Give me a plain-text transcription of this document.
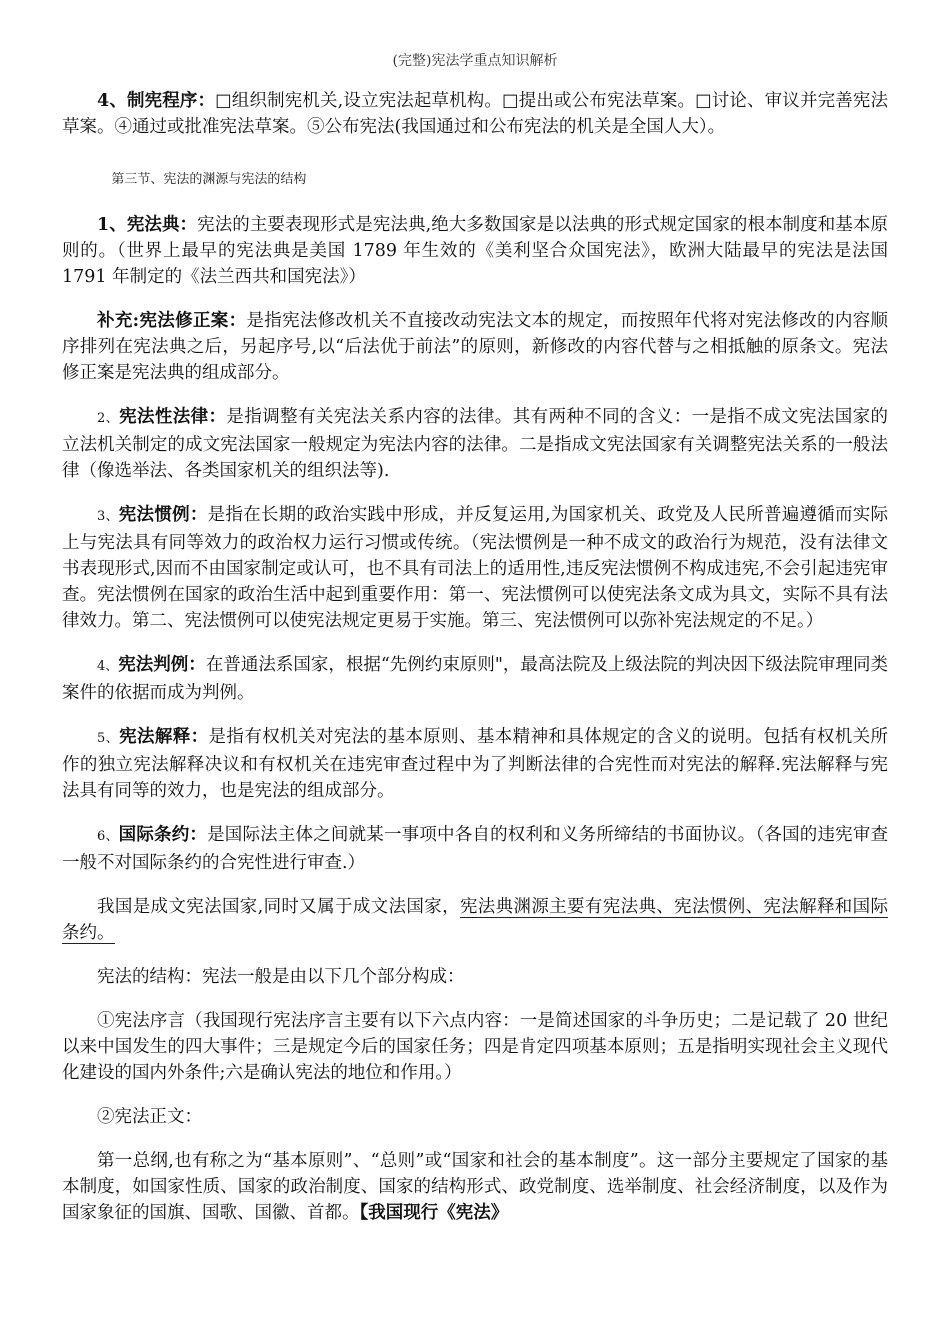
(完整)宪法学重点知识解析

4、制宪程序：□组织制宪机关,设立宪法起草机构。□提出或公布宪法草案。□讨论、审议并完善宪法草案。④通过或批准宪法草案。⑤公布宪法(我国通过和公布宪法的机关是全国人大）。

第三节、宪法的渊源与宪法的结构

1、宪法典：宪法的主要表现形式是宪法典,绝大多数国家是以法典的形式规定国家的根本制度和基本原则的。（世界上最早的宪法典是美国 1789 年生效的《美利坚合众国宪法》，欧洲大陆最早的宪法是法国 1791 年制定的《法兰西共和国宪法》）

补充:宪法修正案：是指宪法修改机关不直接改动宪法文本的规定，而按照年代将对宪法修改的内容顺序排列在宪法典之后，另起序号,以“后法优于前法”的原则，新修改的内容代替与之相抵触的原条文。宪法修正案是宪法典的组成部分。

2、宪法性法律：是指调整有关宪法关系内容的法律。其有两种不同的含义：一是指不成文宪法国家的立法机关制定的成文宪法国家一般规定为宪法内容的法律。二是指成文宪法国家有关调整宪法关系的一般法律（像选举法、各类国家机关的组织法等).

3、宪法惯例：是指在长期的政治实践中形成，并反复运用,为国家机关、政党及人民所普遍遵循而实际上与宪法具有同等效力的政治权力运行习惯或传统。（宪法惯例是一种不成文的政治行为规范，没有法律文书表现形式,因而不由国家制定或认可，也不具有司法上的适用性,违反宪法惯例不构成违宪,不会引起违宪审查。宪法惯例在国家的政治生活中起到重要作用：第一、宪法惯例可以使宪法条文成为具文，实际不具有法律效力。第二、宪法惯例可以使宪法规定更易于实施。第三、宪法惯例可以弥补宪法规定的不足。）

4、宪法判例：在普通法系国家，根据“先例约束原则"，最高法院及上级法院的判决因下级法院审理同类案件的依据而成为判例。

5、宪法解释：是指有权机关对宪法的基本原则、基本精神和具体规定的含义的说明。包括有权机关所作的独立宪法解释决议和有权机关在违宪审查过程中为了判断法律的合宪性而对宪法的解释.宪法解释与宪法具有同等的效力，也是宪法的组成部分。

6、国际条约：是国际法主体之间就某一事项中各自的权利和义务所缔结的书面协议。（各国的违宪审查一般不对国际条约的合宪性进行审查.）

我国是成文宪法国家,同时又属于成文法国家，宪法典渊源主要有宪法典、宪法惯例、宪法解释和国际条约。

宪法的结构：宪法一般是由以下几个部分构成：

①宪法序言（我国现行宪法序言主要有以下六点内容：一是简述国家的斗争历史；二是记载了 20 世纪以来中国发生的四大事件；三是规定今后的国家任务；四是肯定四项基本原则；五是指明实现社会主义现代化建设的国内外条件;六是确认宪法的地位和作用。）

②宪法正文：

第一总纲,也有称之为“基本原则”、“总则”或“国家和社会的基本制度”。这一部分主要规定了国家的基本制度，如国家性质、国家的政治制度、国家的结构形式、政党制度、选举制度、社会经济制度，以及作为国家象征的国旗、国歌、国徽、首都。【我国现行《宪法》
